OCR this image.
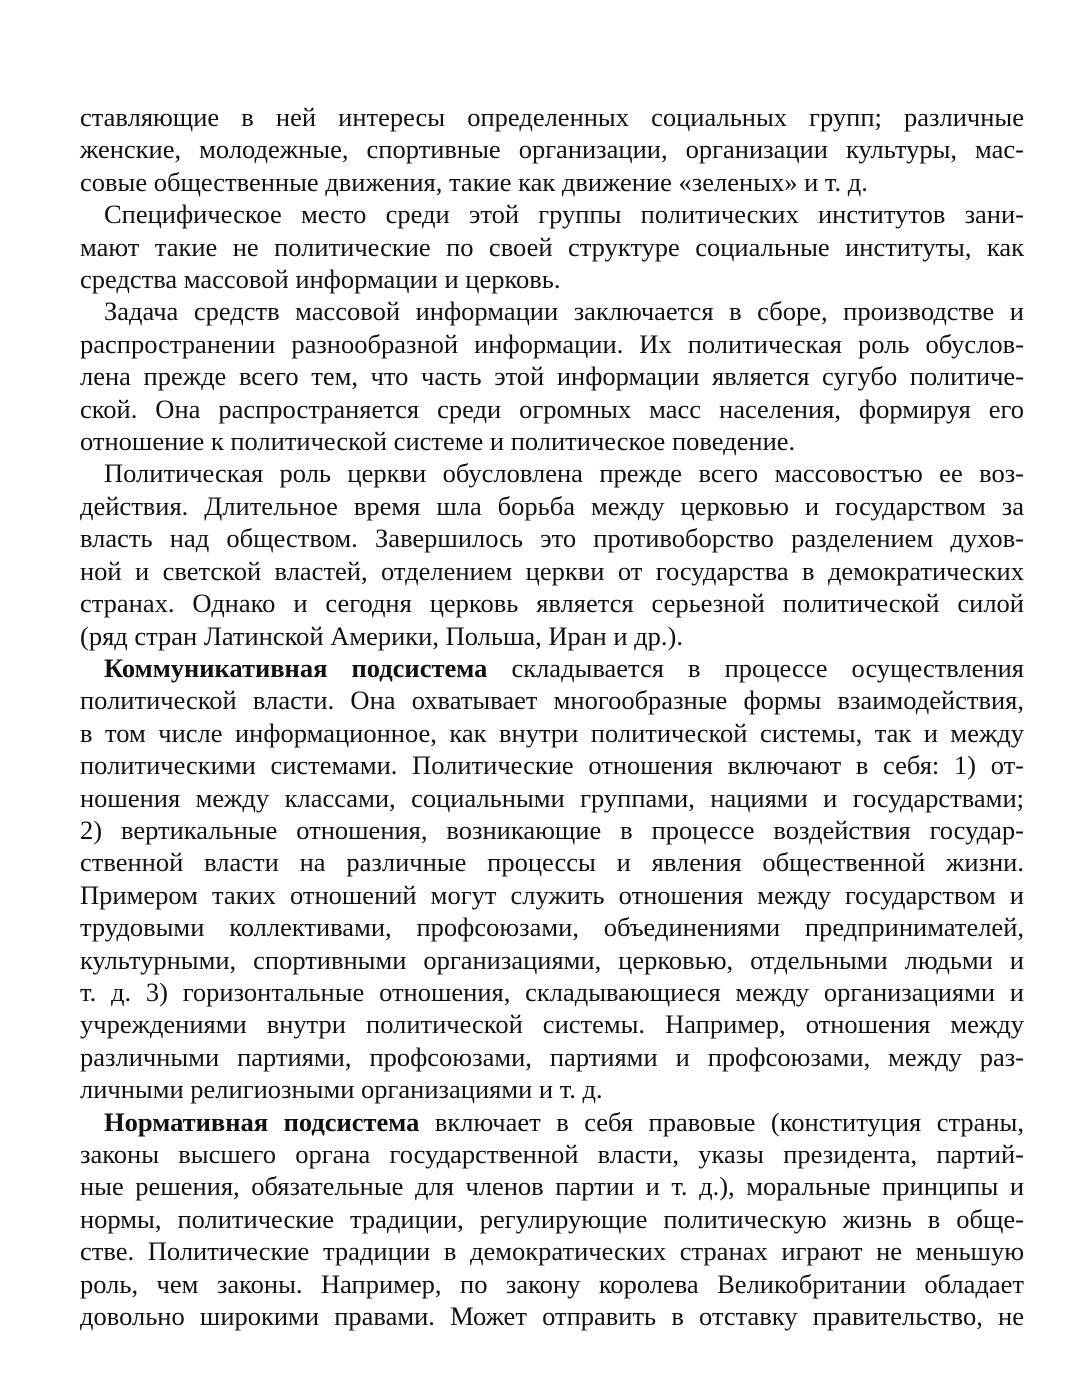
ставляющие в ней интересы определенных социальных групп; различные
женские, молодежные, спортивные организации, организации культуры, мас-
совые общественные движения, такие как движение «зеленых» и т. д.

Специфическое место среди этой группы политических институтов зани-
мают такие не политические по своей структуре социальные институты, как
средства массовой информации и церковь.

Задача средств массовой информации заключается в сборе, производстве и
распространении разнообразной информации. Их политическая роль обуслов-
лена прежде всего тем, что часть этой информации является сугубо политиче-
ской. Она распространяется среди огромных масс населения, формируя его
отношение к политической системе и политическое поведение.

Политическая роль церкви обусловлена прежде всего массовостъю ее воз-
действия. Длительное время шла борьба между церковью и государством за
власть над обществом. Завершилось это противоборство разделением духов-
ной и светской властей, отделением церкви от государства в демократических
странах. Однако и сегодня церковь является серьезной политической силой
(ряд стран Латинской Америки, Польша, Иран и др.).

Коммуникативная подсистема складывается в процессе осуществления
политической власти. Она охватывает многообразные формы взаимодействия,
в том числе информационное, как внутри политической системы, так и между
политическими системами. Политические отношения включают в себя: 1) от-
ношения между классами, социальными группами, нациями и государствами;
2) вертикальные отношения, возникающие в процессе воздействия государ-
ственной власти на различные процессы и явления общественной жизни.
Примером таких отношений могут служить отношения между государством и
трудовыми коллективами, профсоюзами, объединениями предпринимателей,
культурными, спортивными организациями, церковью, отдельными людьми и
т. д. 3) горизонтальные отношения, складывающиеся между организациями и
учреждениями внутри политической системы. Например, отношения между
различными партиями, профсоюзами, партиями и профсоюзами, между раз-
личными религиозными организациями и т. д.

Нормативная подсистема включает в себя правовые (конституция страны,
законы высшего органа государственной власти, указы президента, партий-
ные решения, обязательные для членов партии и т. д.), моральные принципы и
нормы, политические традиции, регулирующие политическую жизнь в обще-
стве. Политические традиции в демократических странах играют не меньшую
роль, чем законы. Например, по закону королева Великобритании обладает
довольно широкими правами. Может отправить в отставку правительство, не
